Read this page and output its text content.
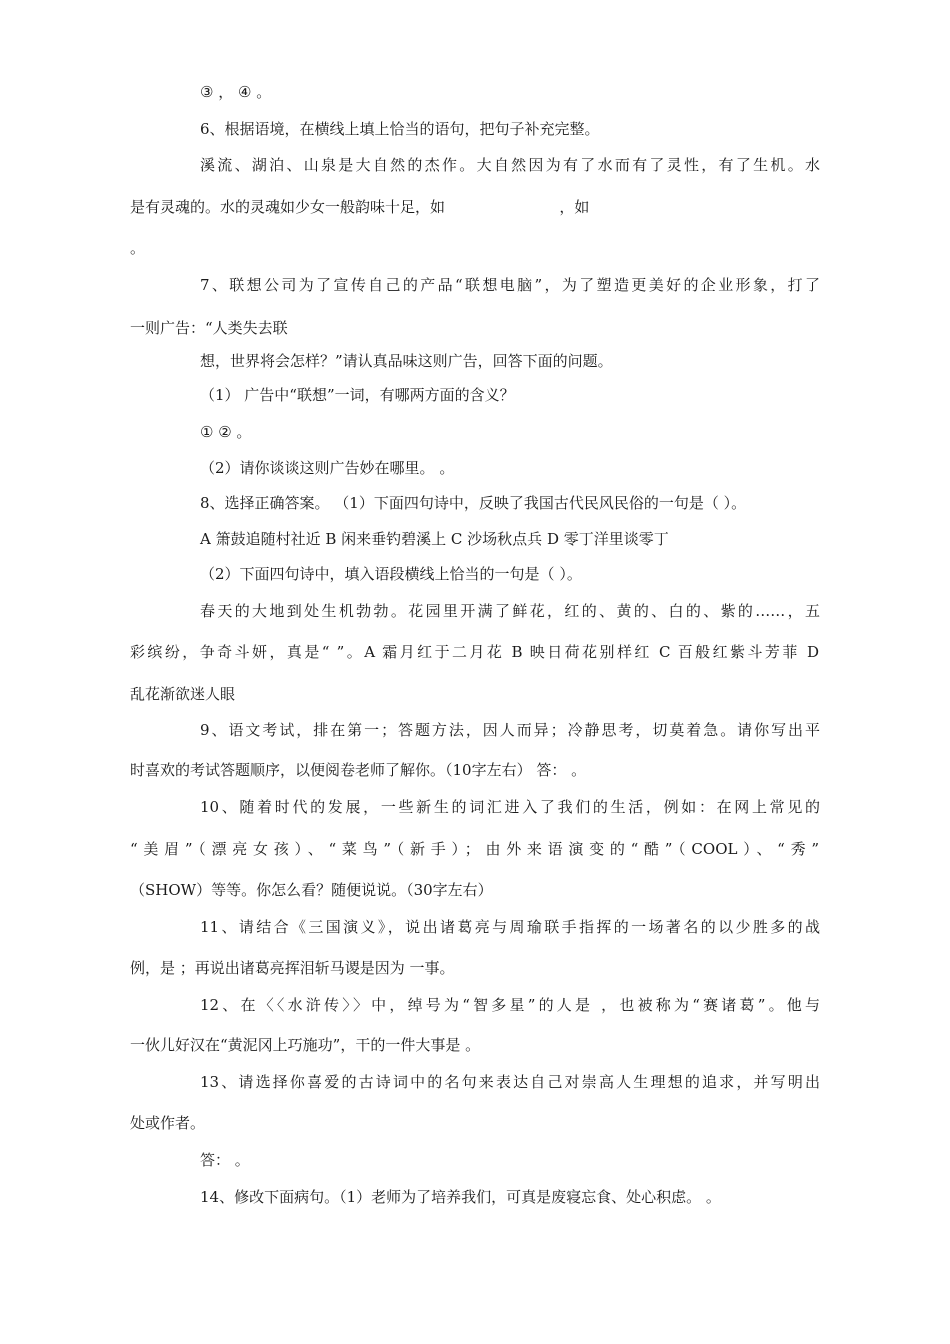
③ ， ④ 。
6、根据语境，在横线上填上恰当的语句，把句子补充完整。
溪流、湖泊、山泉是大自然的杰作。大自然因为有了水而有了灵性，有了生机。水
是有灵魂的。水的灵魂如少女一般韵味十足，如                        ，如
。
7、联想公司为了宣传自己的产品“联想电脑”，为了塑造更美好的企业形象，打了
一则广告：“人类失去联
想，世界将会怎样？”请认真品味这则广告，回答下面的问题。
（1） 广告中“联想”一词，有哪两方面的含义？
① ② 。
（2）请你谈谈这则广告妙在哪里。 。
8、选择正确答案。 （1）下面四句诗中，反映了我国古代民风民俗的一句是（ ）。
A 箫鼓追随村社近 B 闲来垂钓碧溪上 C 沙场秋点兵 D 零丁洋里谈零丁
（2）下面四句诗中，填入语段横线上恰当的一句是（ ）。
春天的大地到处生机勃勃。花园里开满了鲜花，红的、黄的、白的、紫的……，五
彩缤纷，争奇斗妍，真是“ ”。A 霜月红于二月花 B 映日荷花别样红 C 百般红紫斗芳菲 D
乱花渐欲迷人眼
9、语文考试，排在第一；答题方法，因人而异；冷静思考，切莫着急。请你写出平
时喜欢的考试答题顺序，以便阅卷老师了解你。（10字左右） 答： 。
10、随着时代的发展，一些新生的词汇进入了我们的生活，例如：在网上常见的
“美眉”（漂亮女孩）、“菜鸟”（新手）；由外来语演变的“酷”（COOL）、“秀”
（SHOW）等等。你怎么看？随便说说。（30字左右）
11、请结合《三国演义》，说出诸葛亮与周瑜联手指挥的一场著名的以少胜多的战
例，是 ；再说出诸葛亮挥泪斩马谡是因为 一事。
12、在〈〈水浒传〉〉中，绰号为“智多星”的人是 ，也被称为“赛诸葛”。他与
一伙儿好汉在“黄泥冈上巧施功”，干的一件大事是 。
13、请选择你喜爱的古诗词中的名句来表达自己对崇高人生理想的追求，并写明出
处或作者。
答： 。
14、修改下面病句。（1）老师为了培养我们，可真是废寝忘食、处心积虑。 。
